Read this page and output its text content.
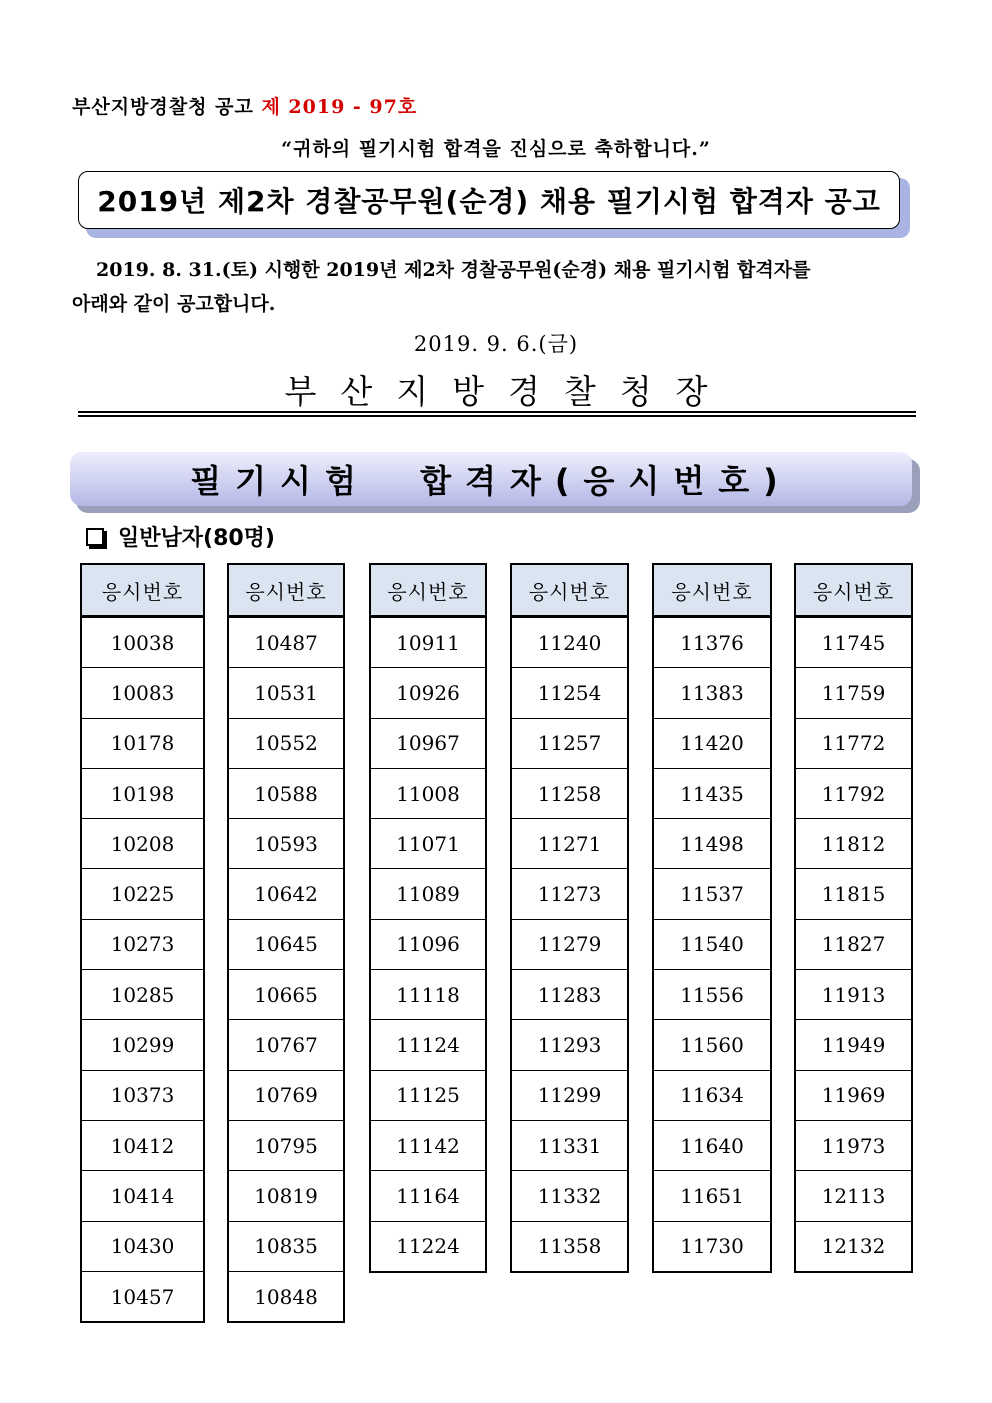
부산지방경찰청 공고 제 2019 - 97호
“귀하의 필기시험 합격을 진심으로 축하합니다.”
2019년 제2차 경찰공무원(순경) 채용 필기시험 합격자 공고
2019. 8. 31.(토) 시행한 2019년 제2차 경찰공무원(순경) 채용 필기시험 합격자를
아래와 같이 공고합니다.
2019. 9. 6.(금)
부산지방경찰청장
필기시험  합격자(응시번호)
일반남자(80명)
응시번호
10038
10083
10178
10198
10208
10225
10273
10285
10299
10373
10412
10414
10430
10457
응시번호
10487
10531
10552
10588
10593
10642
10645
10665
10767
10769
10795
10819
10835
10848
응시번호
10911
10926
10967
11008
11071
11089
11096
11118
11124
11125
11142
11164
11224
응시번호
11240
11254
11257
11258
11271
11273
11279
11283
11293
11299
11331
11332
11358
응시번호
11376
11383
11420
11435
11498
11537
11540
11556
11560
11634
11640
11651
11730
응시번호
11745
11759
11772
11792
11812
11815
11827
11913
11949
11969
11973
12113
12132
